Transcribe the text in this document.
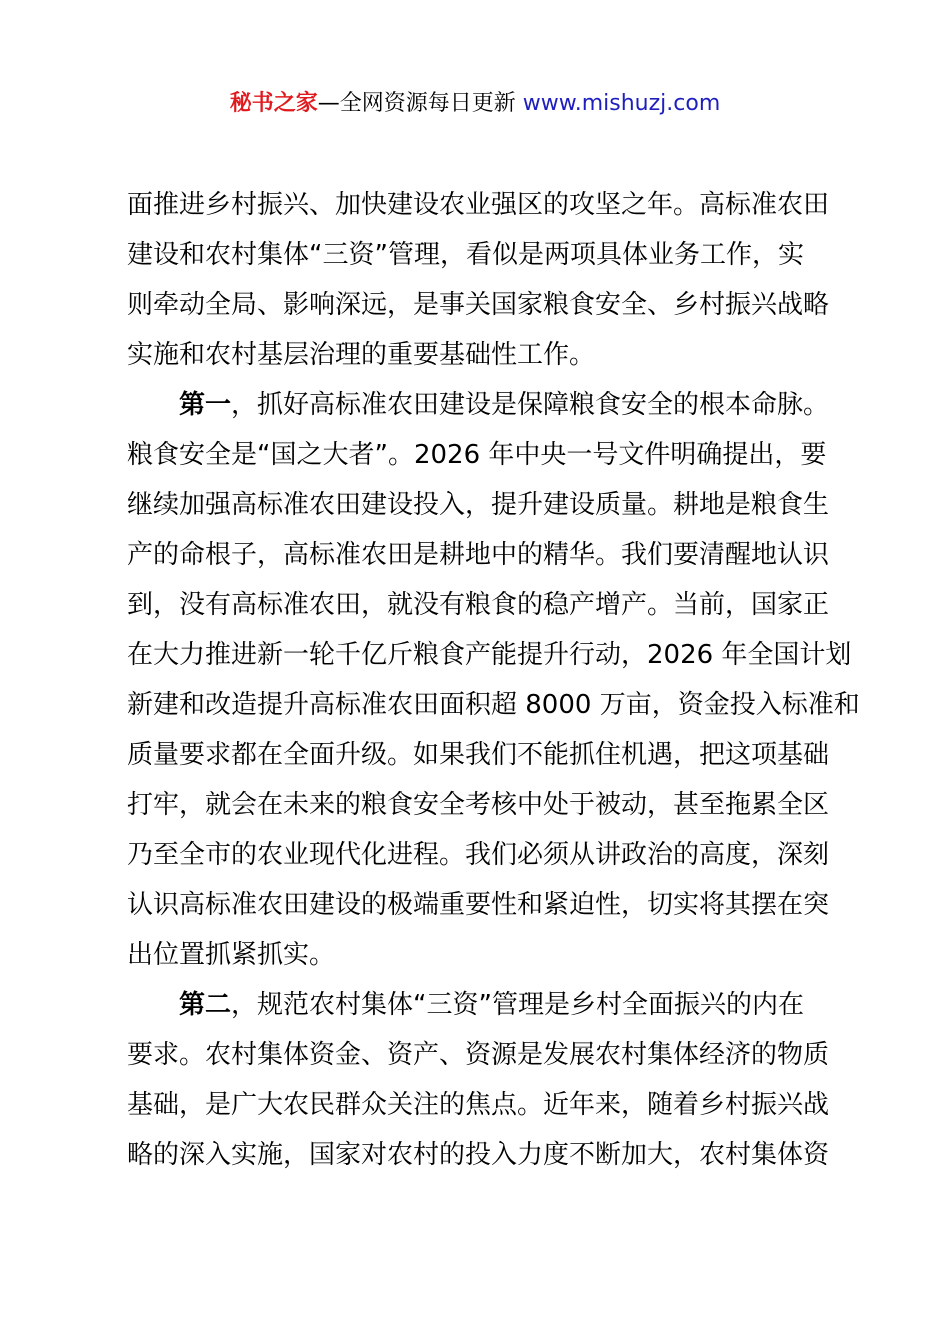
秘书之家—全网资源每日更新 www.mishuzj.com
面推进乡村振兴、加快建设农业强区的攻坚之年。高标准农田
建设和农村集体“三资”管理，看似是两项具体业务工作，实
则牵动全局、影响深远，是事关国家粮食安全、乡村振兴战略
实施和农村基层治理的重要基础性工作。
第一，抓好高标准农田建设是保障粮食安全的根本命脉。
粮食安全是“国之大者”。2026 年中央一号文件明确提出，要
继续加强高标准农田建设投入，提升建设质量。耕地是粮食生
产的命根子，高标准农田是耕地中的精华。我们要清醒地认识
到，没有高标准农田，就没有粮食的稳产增产。当前，国家正
在大力推进新一轮千亿斤粮食产能提升行动，2026 年全国计划
新建和改造提升高标准农田面积超 8000 万亩，资金投入标准和
质量要求都在全面升级。如果我们不能抓住机遇，把这项基础
打牢，就会在未来的粮食安全考核中处于被动，甚至拖累全区
乃至全市的农业现代化进程。我们必须从讲政治的高度，深刻
认识高标准农田建设的极端重要性和紧迫性，切实将其摆在突
出位置抓紧抓实。
第二，规范农村集体“三资”管理是乡村全面振兴的内在
要求。农村集体资金、资产、资源是发展农村集体经济的物质
基础，是广大农民群众关注的焦点。近年来，随着乡村振兴战
略的深入实施，国家对农村的投入力度不断加大，农村集体资
